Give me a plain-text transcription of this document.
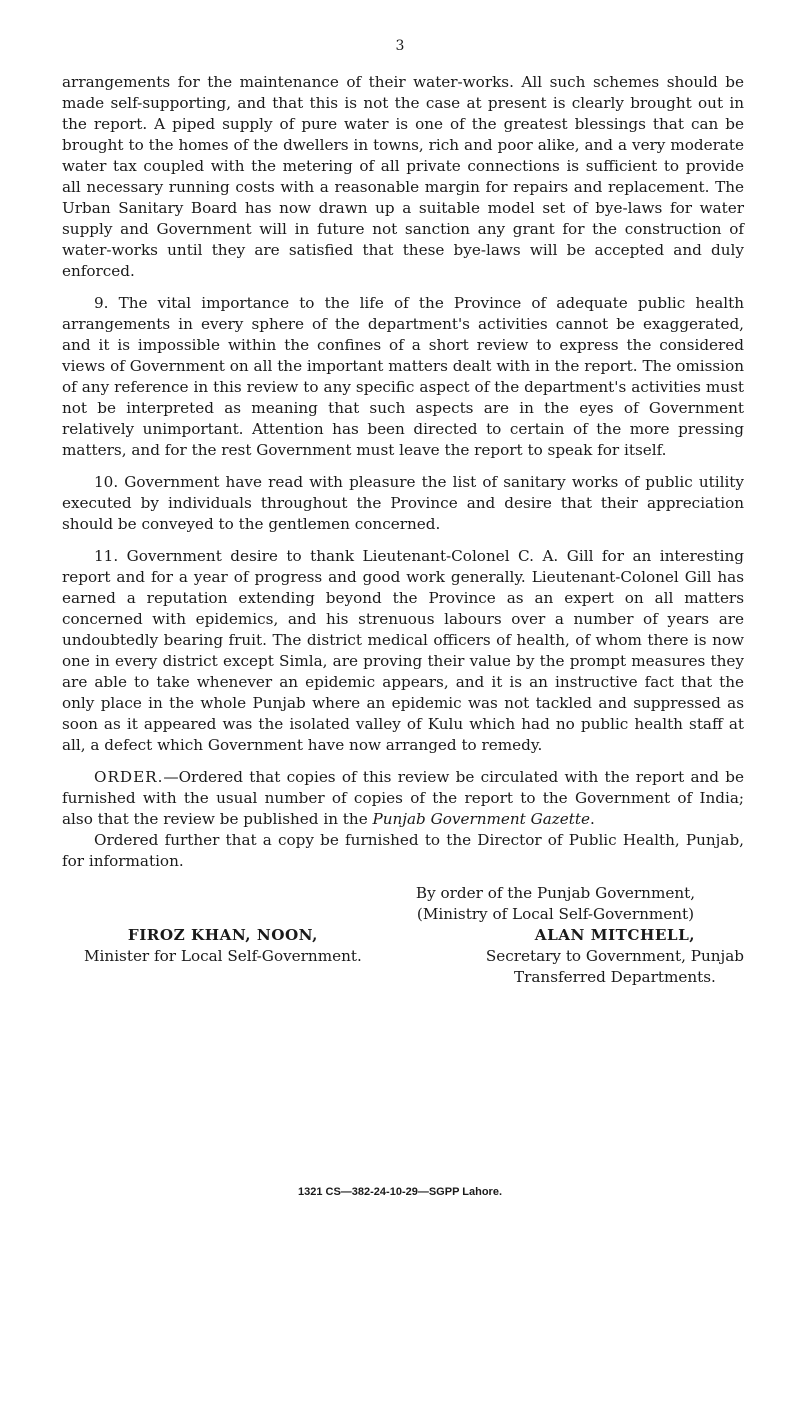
3

arrangements for the maintenance of their water-works. All such schemes should be made self-supporting, and that this is not the case at present is clearly brought out in the report. A piped supply of pure water is one of the greatest blessings that can be brought to the homes of the dwellers in towns, rich and poor alike, and a very moderate water tax coupled with the metering of all private connections is sufficient to provide all necessary running costs with a reasonable margin for repairs and replacement. The Urban Sanitary Board has now drawn up a suitable model set of bye-laws for water supply and Government will in future not sanction any grant for the construction of water-works until they are satisfied that these bye-laws will be accepted and duly enforced.

9. The vital importance to the life of the Province of adequate public health arrangements in every sphere of the department's activities cannot be exaggerated, and it is impossible within the confines of a short review to express the considered views of Government on all the important matters dealt with in the report. The omission of any reference in this review to any specific aspect of the department's activities must not be interpreted as meaning that such aspects are in the eyes of Government relatively unimportant. Attention has been directed to certain of the more pressing matters, and for the rest Government must leave the report to speak for itself.

10. Government have read with pleasure the list of sanitary works of public utility executed by individuals throughout the Province and desire that their appreciation should be conveyed to the gentlemen concerned.

11. Government desire to thank Lieutenant-Colonel C. A. Gill for an interesting report and for a year of progress and good work generally. Lieutenant-Colonel Gill has earned a reputation extending beyond the Province as an expert on all matters concerned with epidemics, and his strenuous labours over a number of years are undoubtedly bearing fruit. The district medical officers of health, of whom there is now one in every district except Simla, are proving their value by the prompt measures they are able to take whenever an epidemic appears, and it is an instructive fact that the only place in the whole Punjab where an epidemic was not tackled and suppressed as soon as it appeared was the isolated valley of Kulu which had no public health staff at all, a defect which Government have now arranged to remedy.

ORDER.—Ordered that copies of this review be circulated with the report and be furnished with the usual number of copies of the report to the Government of India; also that the review be published in the Punjab Government Gazette.

Ordered further that a copy be furnished to the Director of Public Health, Punjab, for information.

By order of the Punjab Government,
(Ministry of Local Self-Government)
FIROZ KHAN, NOON,
Minister for Local Self-Government.
ALAN MITCHELL,
Secretary to Government, Punjab
Transferred Departments.
1321 CS—382-24-10-29—SGPP Lahore.
